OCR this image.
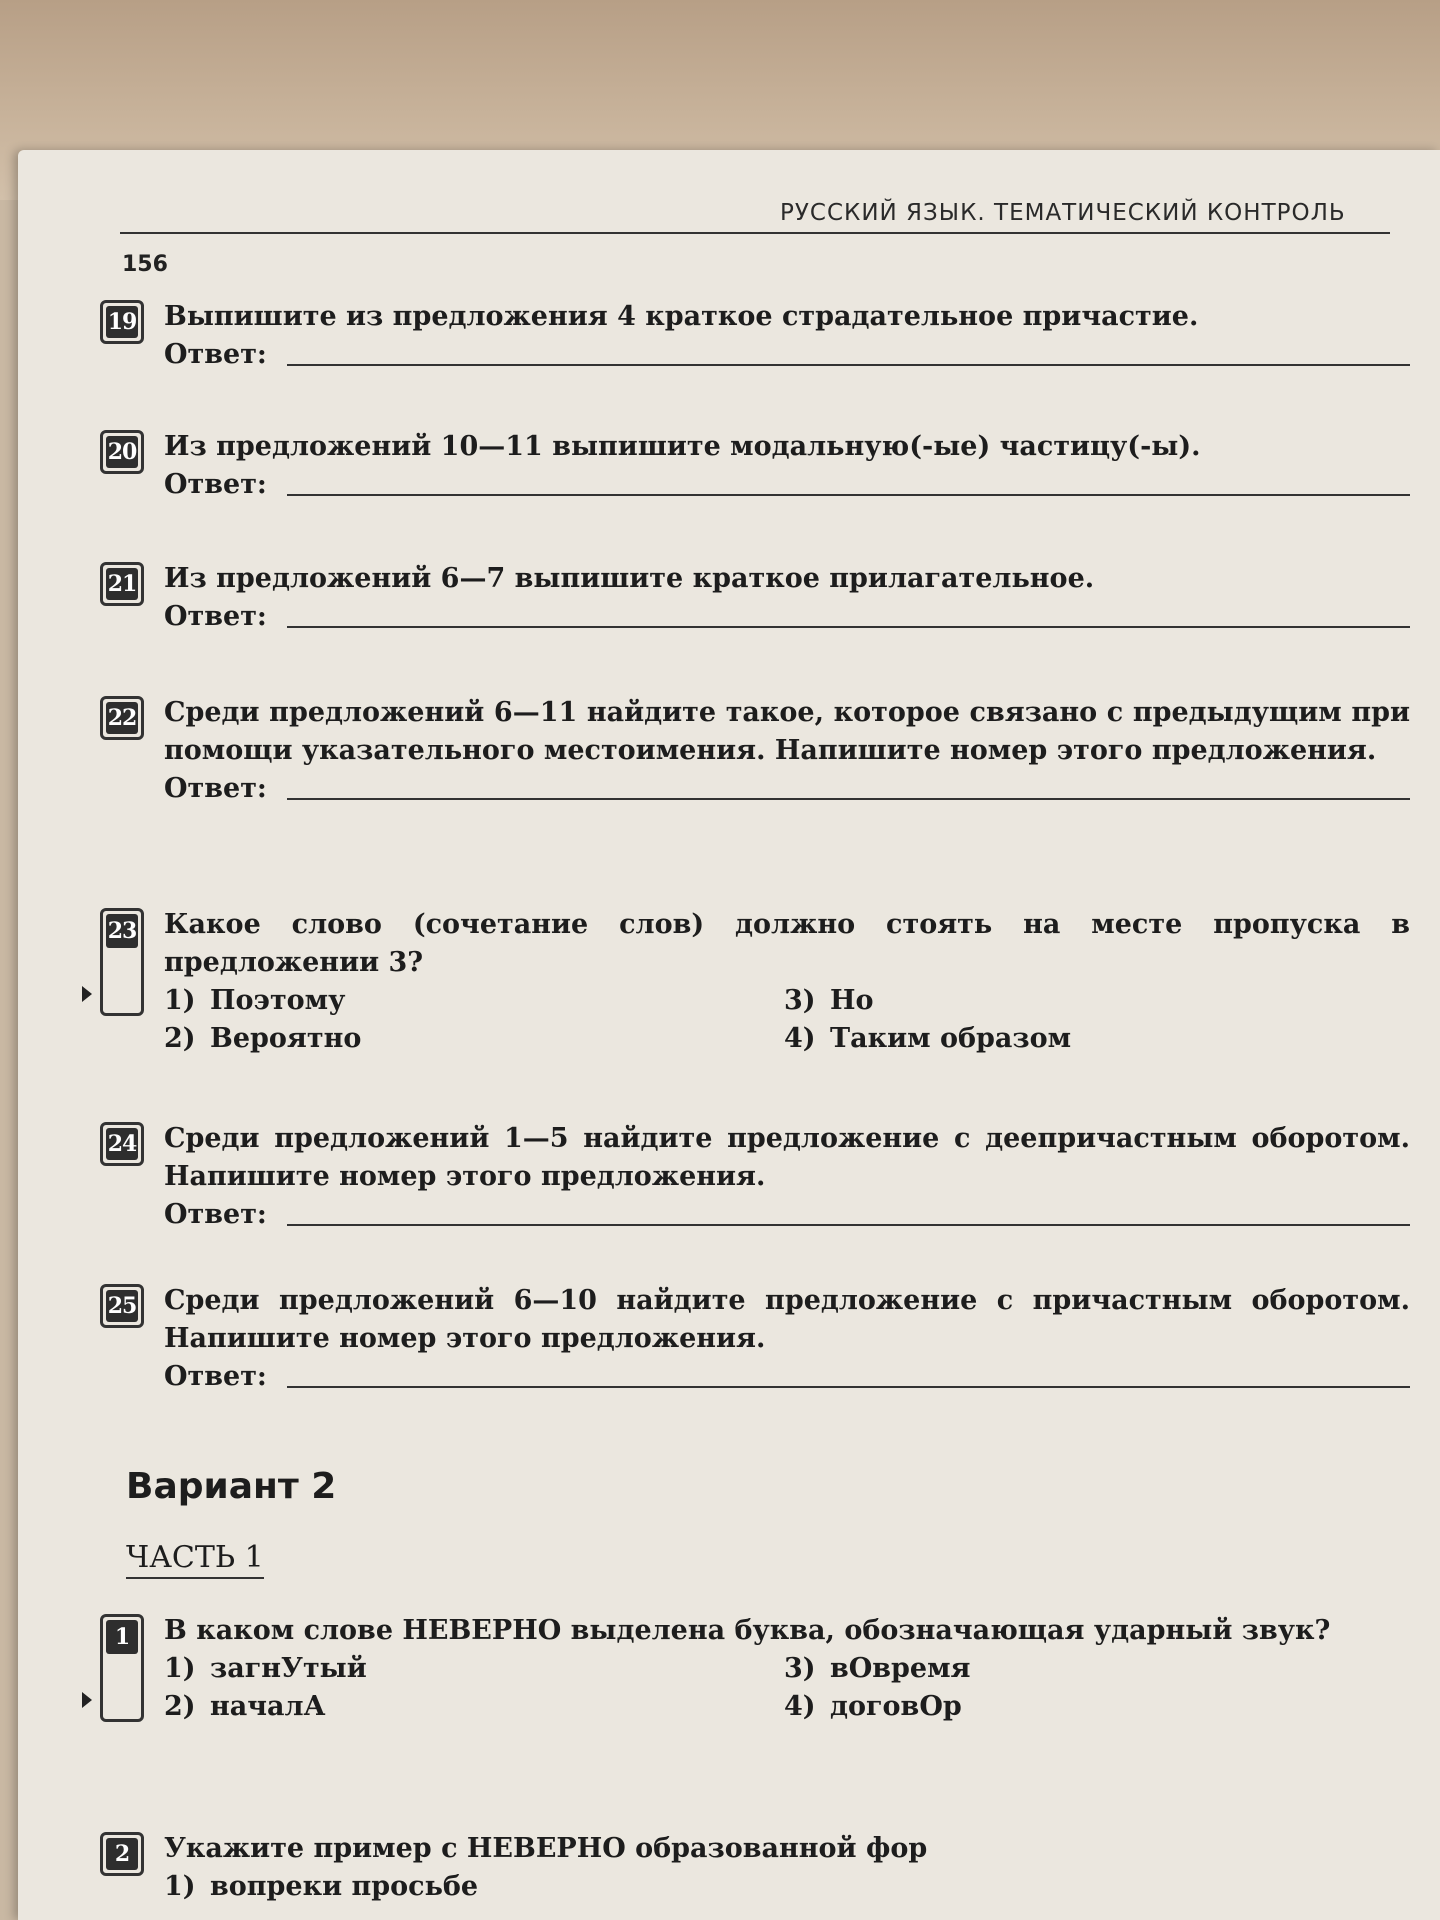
РУССКИЙ ЯЗЫК. ТЕМАТИЧЕСКИЙ КОНТРОЛЬ
156
19 Выпишите из предложения 4 краткое страдательное причастие.
Ответ:
20 Из предложений 10—11 выпишите модальную(-ые) частицу(-ы).
Ответ:
21 Из предложений 6—7 выпишите краткое прилагательное.
Ответ:
22 Среди предложений 6—11 найдите такое, которое связано с предыдущим при помощи указательного местоимения. Напишите номер этого предложения.
Ответ:
23 Какое слово (сочетание слов) должно стоять на месте пропуска в предложении 3?
1) Поэтому	3) Но
2) Вероятно	4) Таким образом
24 Среди предложений 1—5 найдите предложение с деепричастным оборотом. Напишите номер этого предложения.
Ответ:
25 Среди предложений 6—10 найдите предложение с причастным оборотом. Напишите номер этого предложения.
Ответ:
Вариант 2
ЧАСТЬ 1
1	В каком слове НЕВЕРНО выделена буква, обозначающая ударный звук?
1) загнУтый	3) вОвремя
2) началА	4) договОр
2	Укажите пример с НЕВЕРНО образованной фор
1) вопреки просьбе
